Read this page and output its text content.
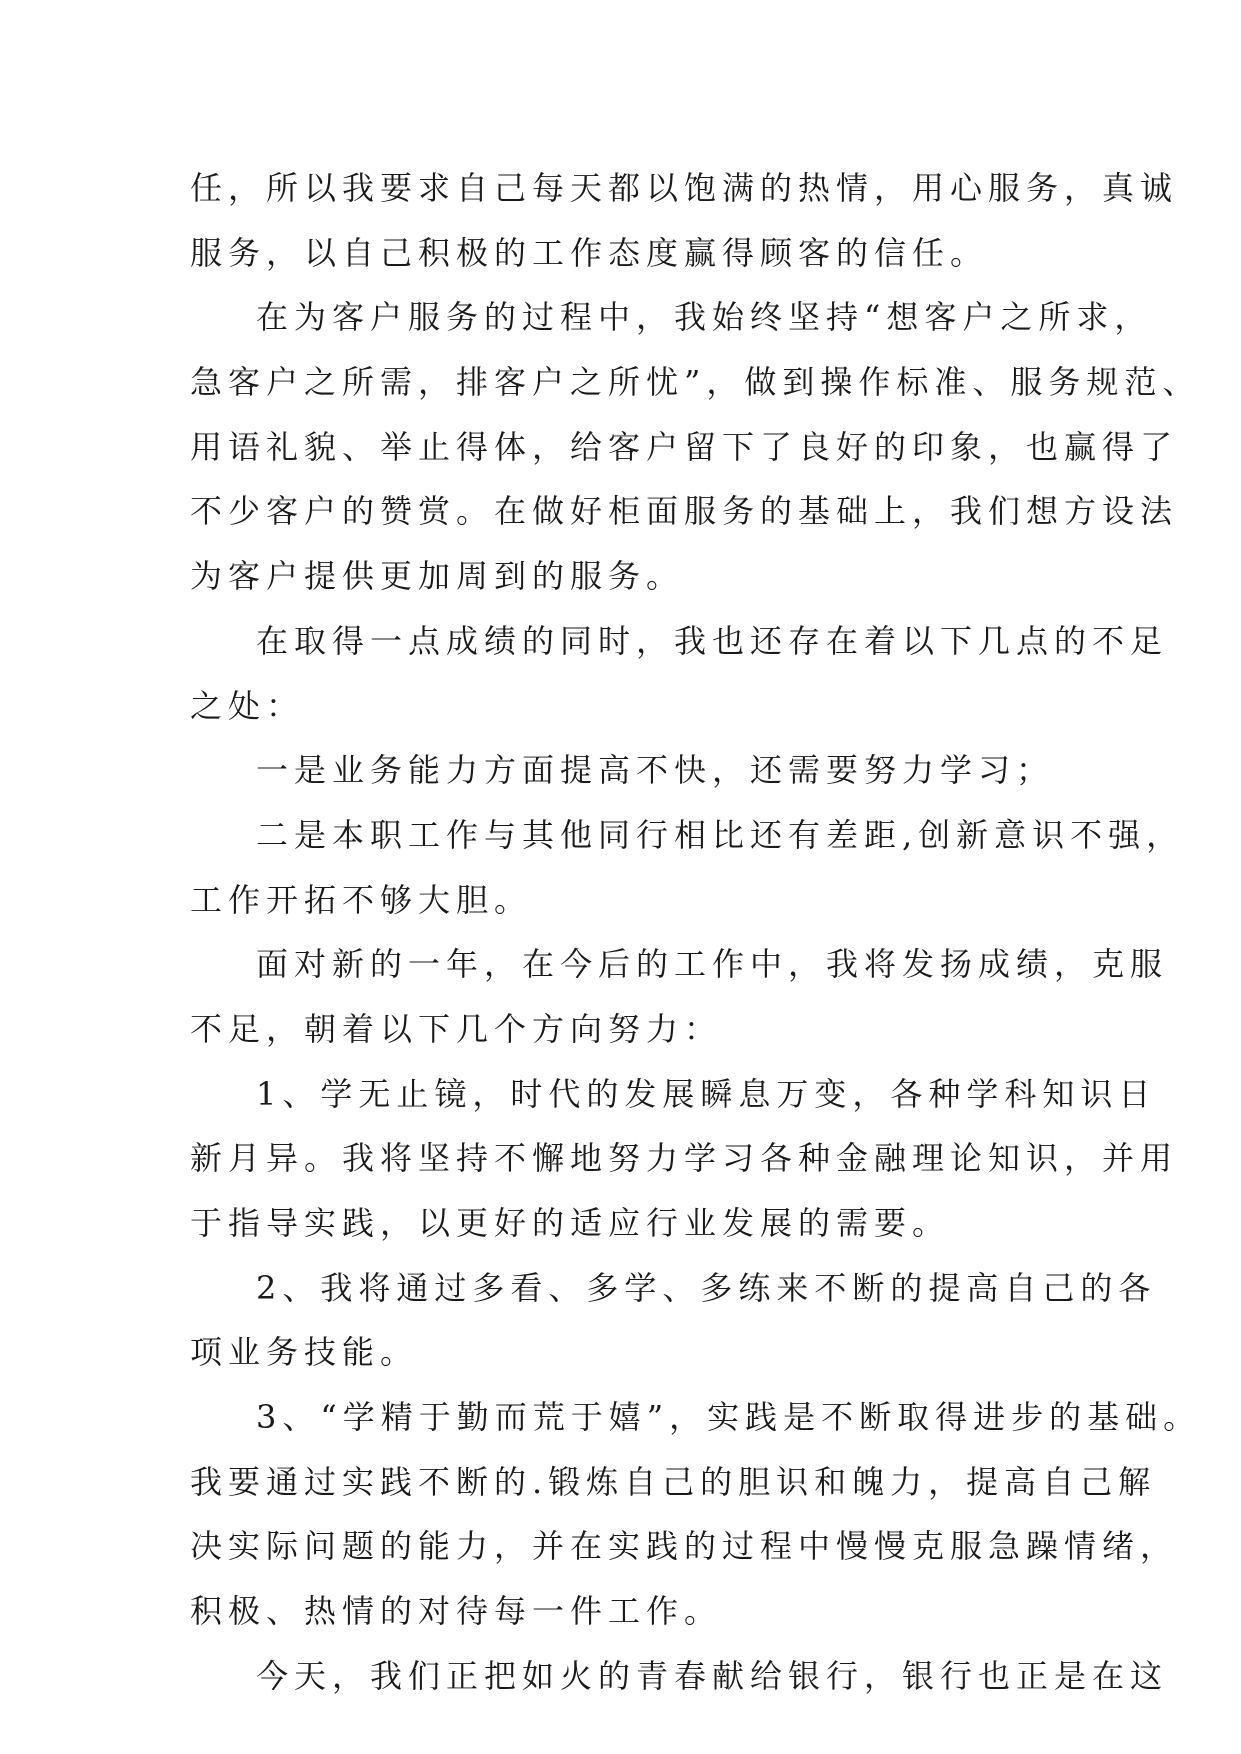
任，所以我要求自己每天都以饱满的热情，用心服务，真诚
服务，以自己积极的工作态度赢得顾客的信任。
在为客户服务的过程中，我始终坚持“想客户之所求，
急客户之所需，排客户之所忧”，做到操作标准、服务规范、
用语礼貌、举止得体，给客户留下了良好的印象，也赢得了
不少客户的赞赏。在做好柜面服务的基础上，我们想方设法
为客户提供更加周到的服务。
在取得一点成绩的同时，我也还存在着以下几点的不足
之处：
一是业务能力方面提高不快，还需要努力学习；
二是本职工作与其他同行相比还有差距,创新意识不强，
工作开拓不够大胆。
面对新的一年，在今后的工作中，我将发扬成绩，克服
不足，朝着以下几个方向努力：
1、学无止镜，时代的发展瞬息万变，各种学科知识日
新月异。我将坚持不懈地努力学习各种金融理论知识，并用
于指导实践，以更好的适应行业发展的需要。
2、我将通过多看、多学、多练来不断的提高自己的各
项业务技能。
3、“学精于勤而荒于嬉”，实践是不断取得进步的基础。
我要通过实践不断的.锻炼自己的胆识和魄力，提高自己解
决实际问题的能力，并在实践的过程中慢慢克服急躁情绪，
积极、热情的对待每一件工作。
今天，我们正把如火的青春献给银行，银行也正是在这
